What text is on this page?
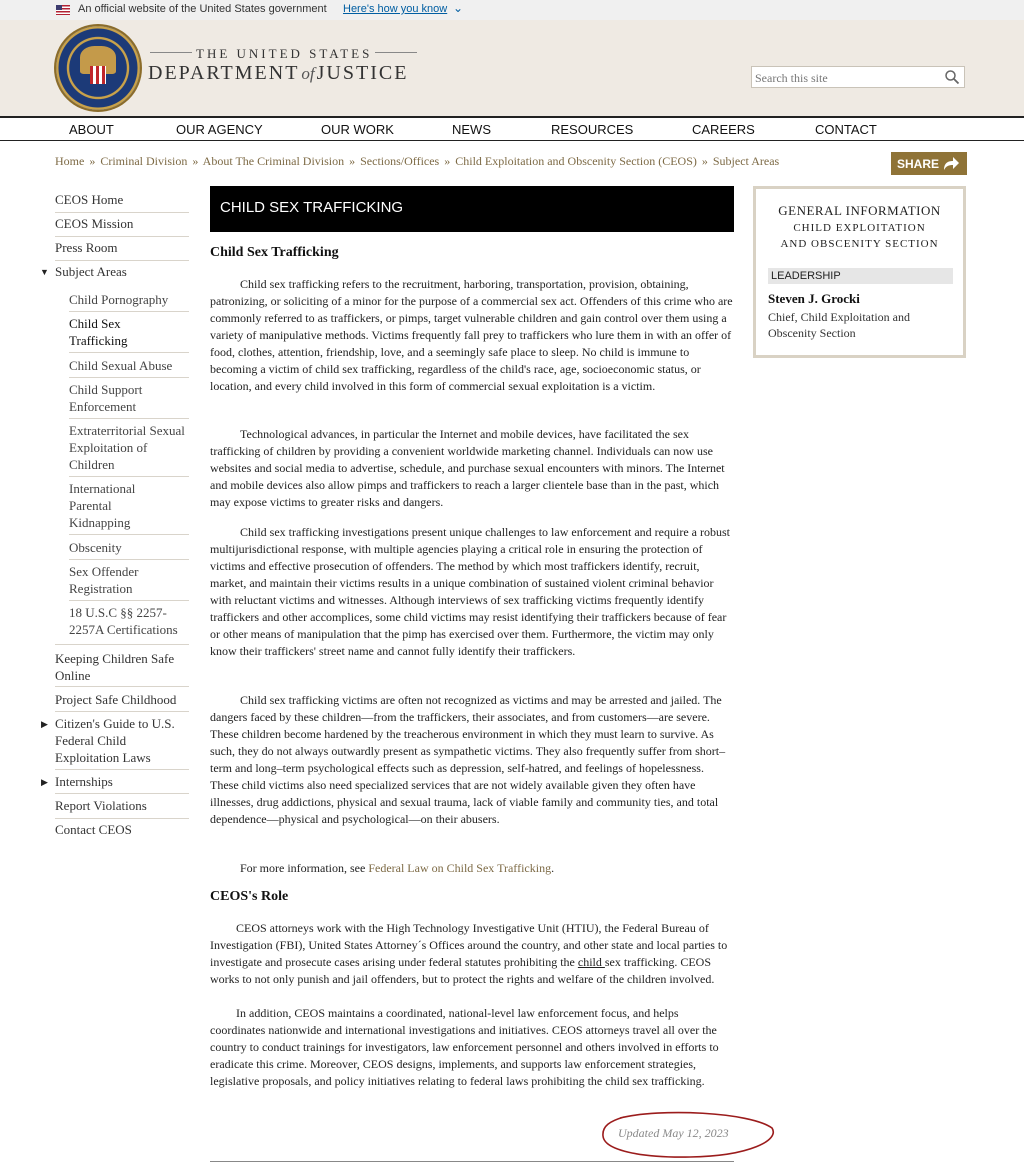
An official website of the United States government Here's how you know ⌄
THE UNITED STATES
DEPARTMENT of JUSTICE
Search this site
ABOUT	OUR AGENCY	OUR WORK	NEWS	RESOURCES	CAREERS	CONTACT
Home » Criminal Division » About The Criminal Division » Sections/Offices » Child Exploitation and Obscenity Section (CEOS) » Subject Areas	SHARE
CEOS Home
CEOS Mission
Press Room
▼ Subject Areas
Child Pornography
Child Sex Trafficking
Child Sexual Abuse
Child Support Enforcement
Extraterritorial Sexual Exploitation of Children
International Parental Kidnapping
Obscenity
Sex Offender Registration
18 U.S.C §§ 2257-2257A Certifications
Keeping Children Safe Online
Project Safe Childhood
▶ Citizen's Guide to U.S. Federal Child Exploitation Laws
▶ Internships
Report Violations
Contact CEOS
CHILD SEX TRAFFICKING
Child Sex Trafficking

Child sex trafficking refers to the recruitment, harboring, transportation, provision, obtaining, patronizing, or soliciting of a minor for the purpose of a commercial sex act. Offenders of this crime who are commonly referred to as traffickers, or pimps, target vulnerable children and gain control over them using a variety of manipulative methods. Victims frequently fall prey to traffickers who lure them in with an offer of food, clothes, attention, friendship, love, and a seemingly safe place to sleep. No child is immune to becoming a victim of child sex trafficking, regardless of the child's race, age, socioeconomic status, or location, and every child involved in this form of commercial sexual exploitation is a victim.

Technological advances, in particular the Internet and mobile devices, have facilitated the sex trafficking of children by providing a convenient worldwide marketing channel. Individuals can now use websites and social media to advertise, schedule, and purchase sexual encounters with minors. The Internet and mobile devices also allow pimps and traffickers to reach a larger clientele base than in the past, which may expose victims to greater risks and dangers.

Child sex trafficking investigations present unique challenges to law enforcement and require a robust multijurisdictional response, with multiple agencies playing a critical role in ensuring the protection of victims and effective prosecution of offenders. The method by which most traffickers identify, recruit, market, and maintain their victims results in a unique combination of sustained violent criminal behavior with reluctant victims and witnesses. Although interviews of sex trafficking victims frequently identify traffickers and other accomplices, some child victims may resist identifying their traffickers because of fear or other means of manipulation that the pimp has exercised over them. Furthermore, the victim may only know their traffickers' street name and cannot fully identify their traffickers.

Child sex trafficking victims are often not recognized as victims and may be arrested and jailed. The dangers faced by these children—from the traffickers, their associates, and from customers—are severe. These children become hardened by the treacherous environment in which they must learn to survive. As such, they do not always outwardly present as sympathetic victims. They also frequently suffer from short–term and long–term psychological effects such as depression, self-hatred, and feelings of hopelessness. These child victims also need specialized services that are not widely available given they often have illnesses, drug addictions, physical and sexual trauma, lack of viable family and community ties, and total dependence—physical and psychological—on their abusers.

For more information, see Federal Law on Child Sex Trafficking.

CEOS's Role

CEOS attorneys work with the High Technology Investigative Unit (HTIU), the Federal Bureau of Investigation (FBI), United States Attorney´s Offices around the country, and other state and local parties to investigate and prosecute cases arising under federal statutes prohibiting the child sex trafficking. CEOS works to not only punish and jail offenders, but to protect the rights and welfare of the children involved.

In addition, CEOS maintains a coordinated, national-level law enforcement focus, and helps coordinates nationwide and international investigations and initiatives. CEOS attorneys travel all over the country to conduct trainings for investigators, law enforcement personnel and others involved in efforts to eradicate this crime. Moreover, CEOS designs, implements, and supports law enforcement strategies, legislative proposals, and policy initiatives relating to federal laws prohibiting the child sex trafficking.

Updated May 12, 2023
GENERAL INFORMATION
CHILD EXPLOITATION
AND OBSCENITY SECTION
LEADERSHIP
Steven J. Grocki
Chief, Child Exploitation and Obscenity Section
